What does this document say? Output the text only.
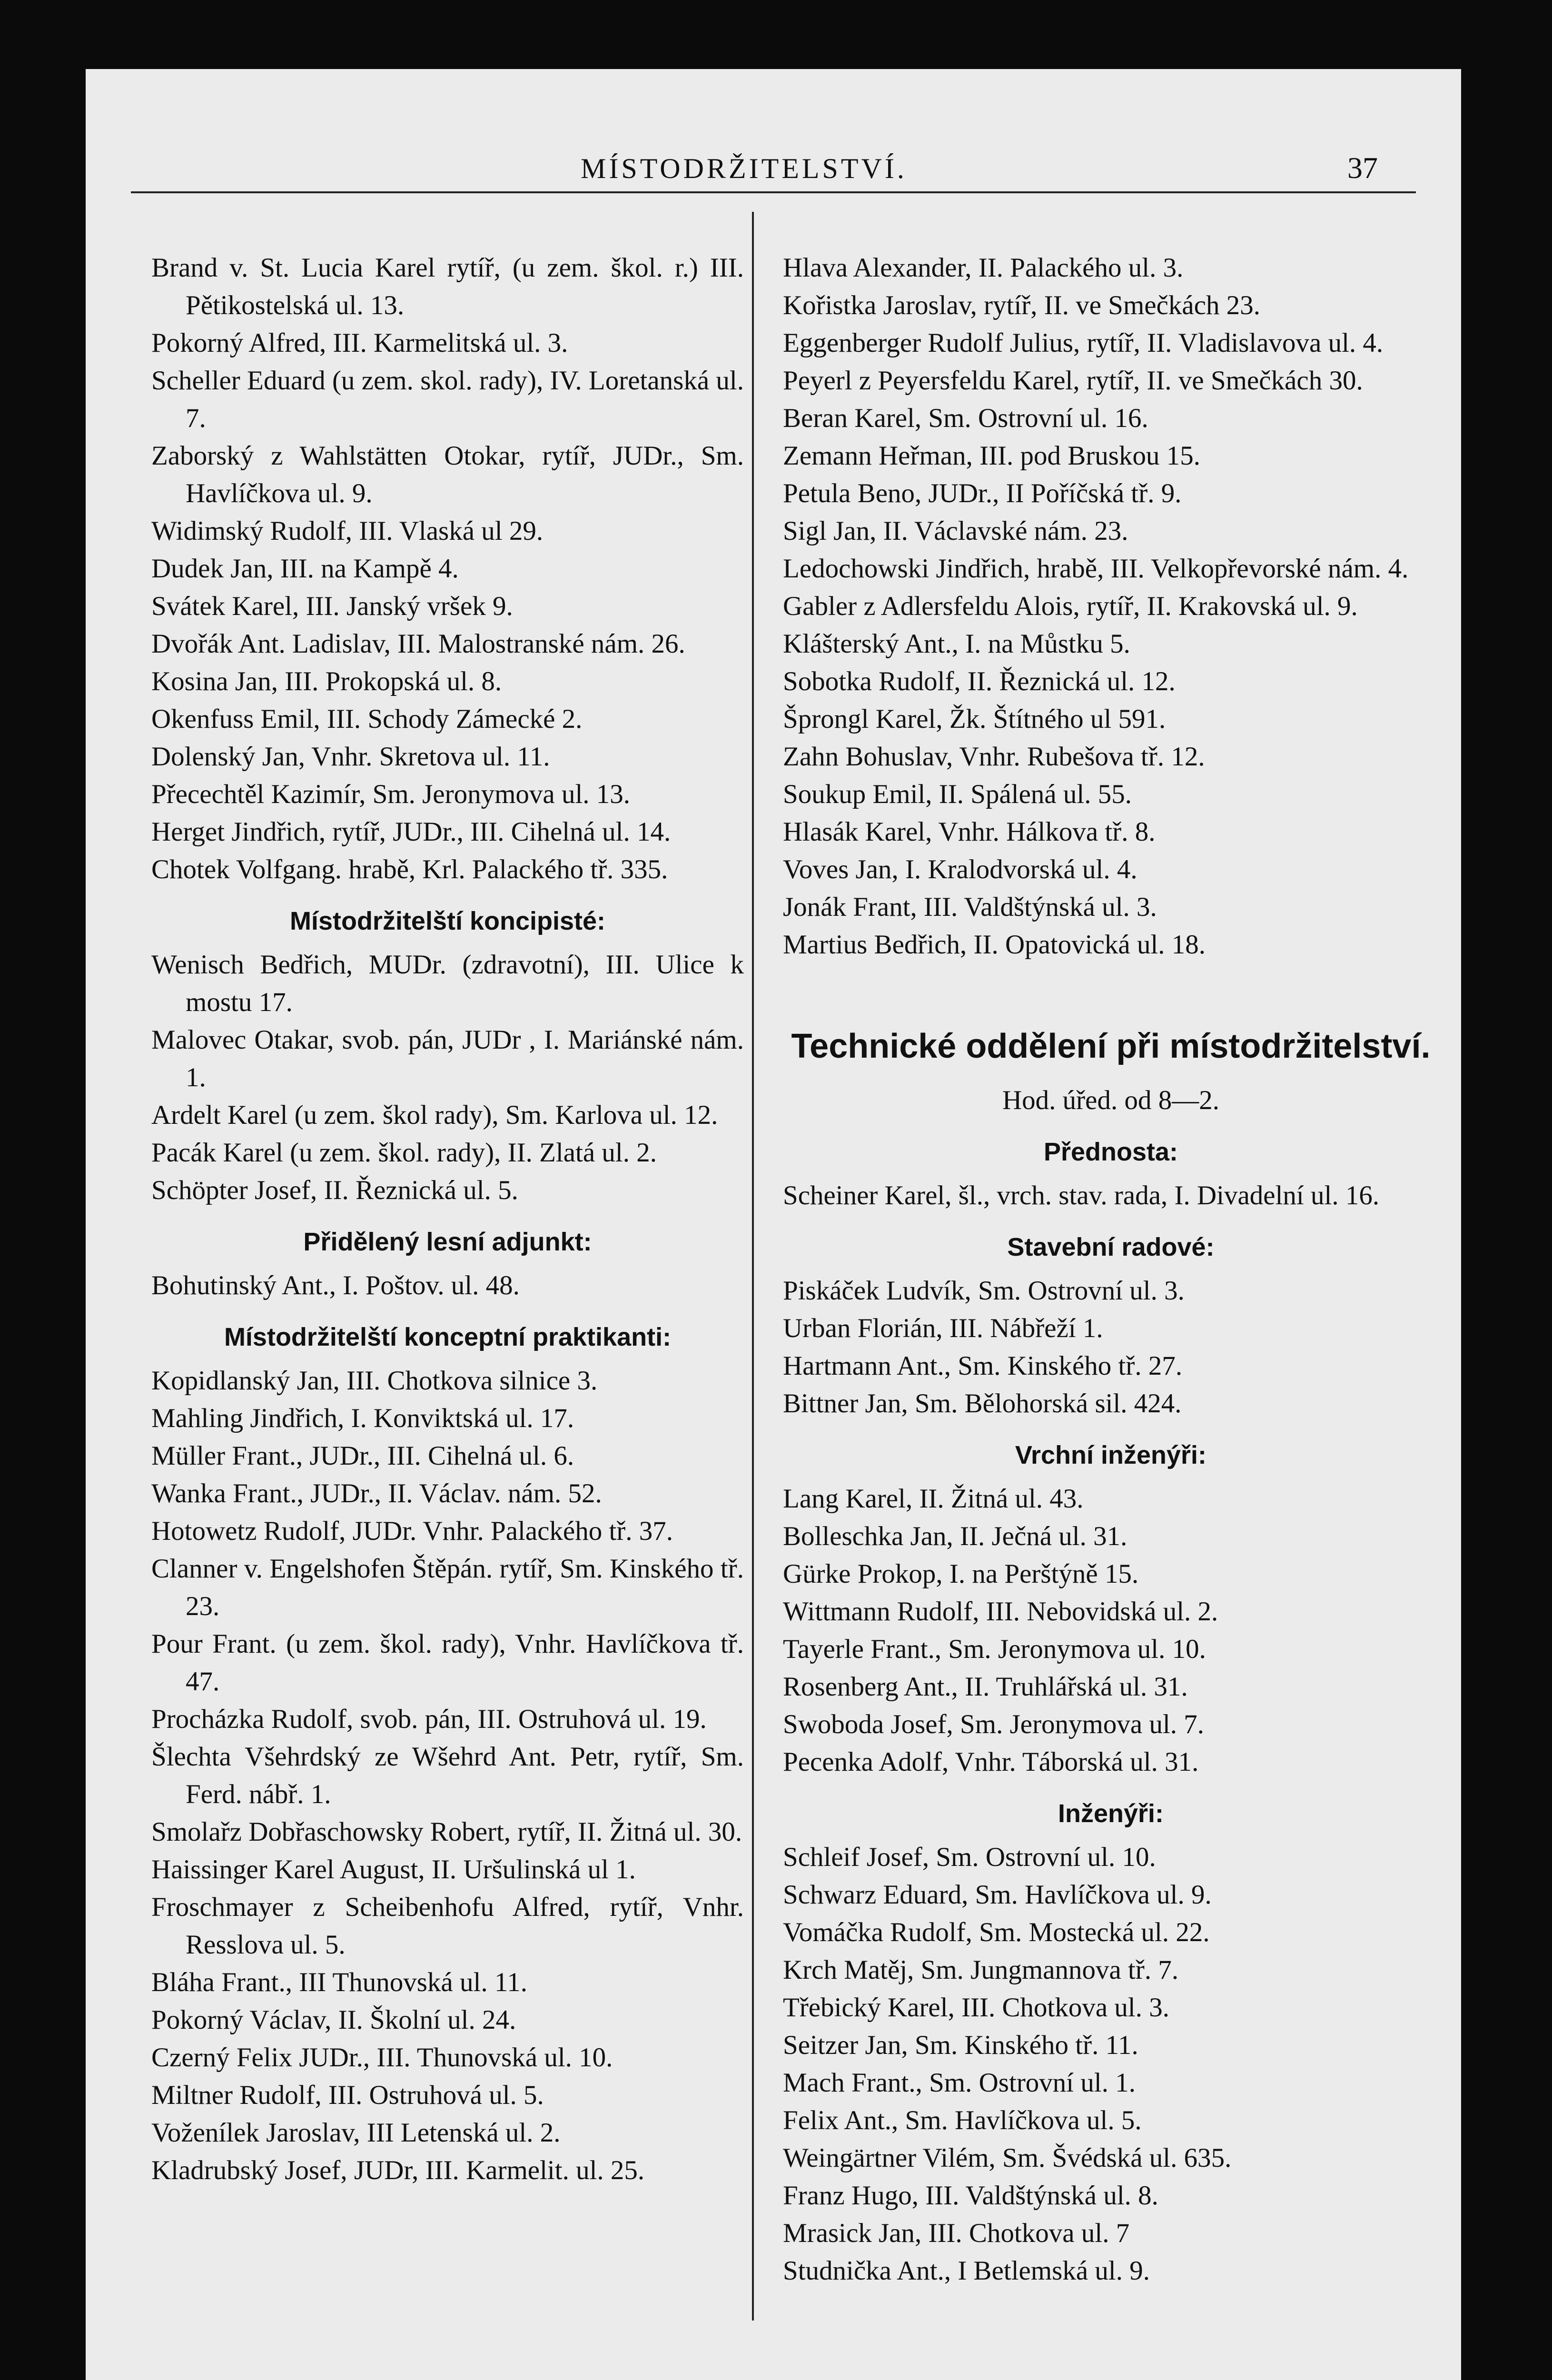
MÍSTODRŽITELSTVÍ.	37

Brand v. St. Lucia Karel rytíř, (u zem. škol. r.) III. Pětikostelská ul. 13.

Pokorný Alfred, III. Karmelitská ul. 3.

Scheller Eduard (u zem. skol. rady), IV. Loretanská ul. 7.

Zaborský z Wahlstätten Otokar, rytíř, JUDr., Sm. Havlíčkova ul. 9.

Widimský Rudolf, III. Vlaská ul 29.

Dudek Jan, III. na Kampě 4.

Svátek Karel, III. Janský vršek 9.

Dvořák Ant. Ladislav, III. Malostranské nám. 26.

Kosina Jan, III. Prokopská ul. 8.

Okenfuss Emil, III. Schody Zámecké 2.

Dolenský Jan, Vnhr. Skretova ul. 11.

Přecechtěl Kazimír, Sm. Jeronymova ul. 13.

Herget Jindřich, rytíř, JUDr., III. Cihelná ul. 14.

Chotek Volfgang. hrabě, Krl. Palackého tř. 335.

Místodržitelští koncipisté:

Wenisch Bedřich, MUDr. (zdravotní), III. Ulice k mostu 17.

Malovec Otakar, svob. pán, JUDr , I. Mariánské nám. 1.

Ardelt Karel (u zem. škol rady), Sm. Karlova ul. 12.

Pacák Karel (u zem. škol. rady), II. Zlatá ul. 2.

Schöpter Josef, II. Řeznická ul. 5.

Přidělený lesní adjunkt:

Bohutinský Ant., I. Poštov. ul. 48.

Místodržitelští konceptní praktikanti:

Kopidlanský Jan, III. Chotkova silnice 3.

Mahling Jindřich, I. Konviktská ul. 17.

Müller Frant., JUDr., III. Cihelná ul. 6.

Wanka Frant., JUDr., II. Václav. nám. 52.

Hotowetz Rudolf, JUDr. Vnhr. Palackého tř. 37.

Clanner v. Engelshofen Štěpán. rytíř, Sm. Kinského tř. 23.

Pour Frant. (u zem. škol. rady), Vnhr. Havlíčkova tř. 47.

Procházka Rudolf, svob. pán, III. Ostruhová ul. 19.

Šlechta Všehrdský ze Wšehrd Ant. Petr, rytíř, Sm. Ferd. nábř. 1.

Smolařz Dobřaschowsky Robert, rytíř, II. Žitná ul. 30.

Haissinger Karel August, II. Uršulinská ul 1.

Froschmayer z Scheibenhofu Alfred, rytíř, Vnhr. Resslova ul. 5.

Bláha Frant., III Thunovská ul. 11.

Pokorný Václav, II. Školní ul. 24.

Czerný Felix JUDr., III. Thunovská ul. 10.

Miltner Rudolf, III. Ostruhová ul. 5.

Voženílek Jaroslav, III Letenská ul. 2.

Kladrubský Josef, JUDr, III. Karmelit. ul. 25.

Hlava Alexander, II. Palackého ul. 3.

Kořistka Jaroslav, rytíř, II. ve Smečkách 23.

Eggenberger Rudolf Julius, rytíř, II. Vladislavova ul. 4.

Peyerl z Peyersfeldu Karel, rytíř, II. ve Smečkách 30.

Beran Karel, Sm. Ostrovní ul. 16.

Zemann Heřman, III. pod Bruskou 15.

Petula Beno, JUDr., II Poříčská tř. 9.

Sigl Jan, II. Václavské nám. 23.

Ledochowski Jindřich, hrabě, III. Velkopřevorské nám. 4.

Gabler z Adlersfeldu Alois, rytíř, II. Krakovská ul. 9.

Klášterský Ant., I. na Můstku 5.

Sobotka Rudolf, II. Řeznická ul. 12.

Šprongl Karel, Žk. Štítného ul 591.

Zahn Bohuslav, Vnhr. Rubešova tř. 12.

Soukup Emil, II. Spálená ul. 55.

Hlasák Karel, Vnhr. Hálkova tř. 8.

Voves Jan, I. Kralodvorská ul. 4.

Jonák Frant, III. Valdštýnská ul. 3.

Martius Bedřich, II. Opatovická ul. 18.

Technické oddělení při místodržitelství.
Hod. úřed. od 8—2.
Přednosta:

Scheiner Karel, šl., vrch. stav. rada, I. Divadelní ul. 16.

Stavební radové:

Piskáček Ludvík, Sm. Ostrovní ul. 3.

Urban Florián, III. Nábřeží 1.

Hartmann Ant., Sm. Kinského tř. 27.

Bittner Jan, Sm. Bělohorská sil. 424.

Vrchní inženýři:

Lang Karel, II. Žitná ul. 43.

Bolleschka Jan, II. Ječná ul. 31.

Gürke Prokop, I. na Perštýně 15.

Wittmann Rudolf, III. Nebovidská ul. 2.

Tayerle Frant., Sm. Jeronymova ul. 10.

Rosenberg Ant., II. Truhlářská ul. 31.

Swoboda Josef, Sm. Jeronymova ul. 7.

Pecenka Adolf, Vnhr. Táborská ul. 31.

Inženýři:

Schleif Josef, Sm. Ostrovní ul. 10.

Schwarz Eduard, Sm. Havlíčkova ul. 9.

Vomáčka Rudolf, Sm. Mostecká ul. 22.

Krch Matěj, Sm. Jungmannova tř. 7.

Třebický Karel, III. Chotkova ul. 3.

Seitzer Jan, Sm. Kinského tř. 11.

Mach Frant., Sm. Ostrovní ul. 1.

Felix Ant., Sm. Havlíčkova ul. 5.

Weingärtner Vilém, Sm. Švédská ul. 635.

Franz Hugo, III. Valdštýnská ul. 8.

Mrasick Jan, III. Chotkova ul. 7

Studnička Ant., I Betlemská ul. 9.
